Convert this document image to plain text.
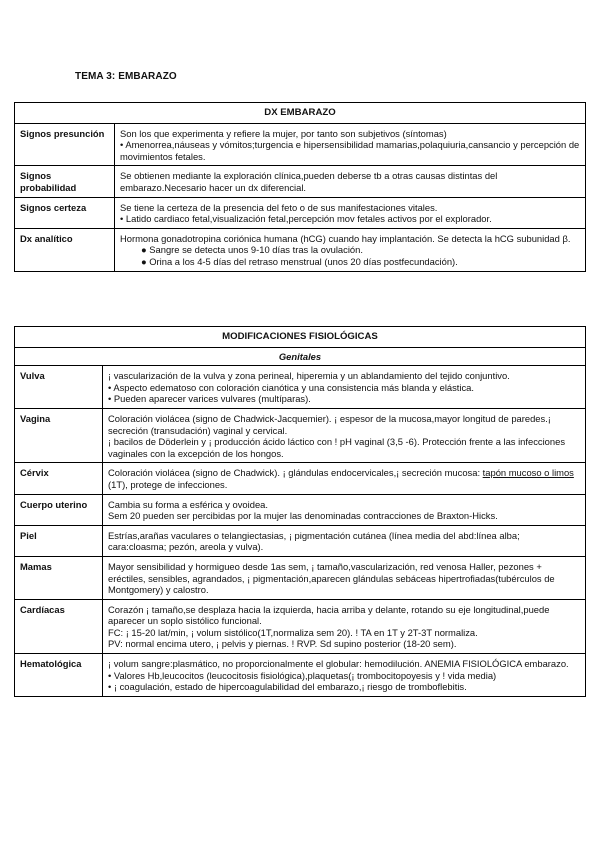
TEMA 3: EMBARAZO
DX EMBARAZO	
Signos presunción	Son los que experimenta y refiere la mujer, por tanto son subjetivos (síntomas)
• Amenorrea,náuseas y vómitos;turgencia e hipersensibilidad mamarias,polaquiuria,cansancio y percepción de movimientos fetales.

Signos probabilidad	Se obtienen mediante la exploración clínica,pueden deberse tb a otras causas distintas del embarazo.Necesario hacer un dx diferencial.

Signos certeza	Se tiene la certeza de la presencia del feto o de sus manifestaciones vitales.
• Latido cardiaco fetal,visualización fetal,percepción mov fetales activos por el explorador.

Dx analítico	Hormona gonadotropina coriónica humana (hCG) cuando hay implantación. Se detecta la hCG subunidad β.
● Sangre se detecta unos 9-10 días tras la ovulación.
● Orina a los 4-5 días del retraso menstrual (unos 20 días postfecundación).
MODIFICACIONES FISIOLÓGICAS	
Genitales	
Vulva	¡ vascularización de la vulva y zona perineal, hiperemia y un ablandamiento del tejido conjuntivo.
• Aspecto edematoso con coloración cianótica y una consistencia más blanda y elástica.
• Pueden aparecer varices vulvares (multíparas).

Vagina	Coloración violácea (signo de Chadwick-Jacquemier). ¡ espesor de la mucosa,mayor longitud de paredes.¡ secreción (transudación) vaginal y cervical.
¡ bacilos de Döderlein y ¡ producción ácido láctico con ! pH vaginal (3,5 -6). Protección frente a las infecciones vaginales con la excepción de los hongos.

Cérvix	Coloración violácea (signo de Chadwick). ¡ glándulas endocervicales,¡ secreción mucosa: tapón mucoso o limos (1T), protege de infecciones.
Cuerpo uterino	Cambia su forma a esférica y ovoidea.
Sem 20 pueden ser percibidas por la mujer las denominadas contracciones de Braxton-Hicks.

Piel	Estrías,arañas vaculares o telangiectasias, ¡ pigmentación cutánea (línea media del abd:línea alba; cara:cloasma; pezón, areola y vulva).

Mamas	Mayor sensibilidad y hormigueo desde 1as sem, ¡ tamaño,vascularización, red venosa Haller, pezones + eréctiles, sensibles, agrandados, ¡ pigmentación,aparecen glándulas sebáceas hipertrofiadas(tubérculos de Montgomery) y calostro.

Cardíacas	Corazón ¡ tamaño,se desplaza hacia la izquierda, hacia arriba y delante, rotando su eje longitudinal,puede aparecer un soplo sistólico funcional.
FC: ¡ 15-20 lat/min, ¡ volum sistólico(1T,normaliza sem 20). ! TA en 1T y 2T-3T normaliza.
PV: normal encima utero, ¡ pelvis y piernas. ! RVP. Sd supino posterior (18-20 sem).

Hematológica	¡ volum sangre:plasmático, no proporcionalmente el globular: hemodilución. ANEMIA FISIOLÓGICA embarazo.
• Valores Hb,leucocitos (leucocitosis fisiológica),plaquetas(¡ trombocitopoyesis y ! vida media)
• ¡ coagulación, estado de hipercoagulabilidad del embarazo,¡ riesgo de tromboflebitis.
